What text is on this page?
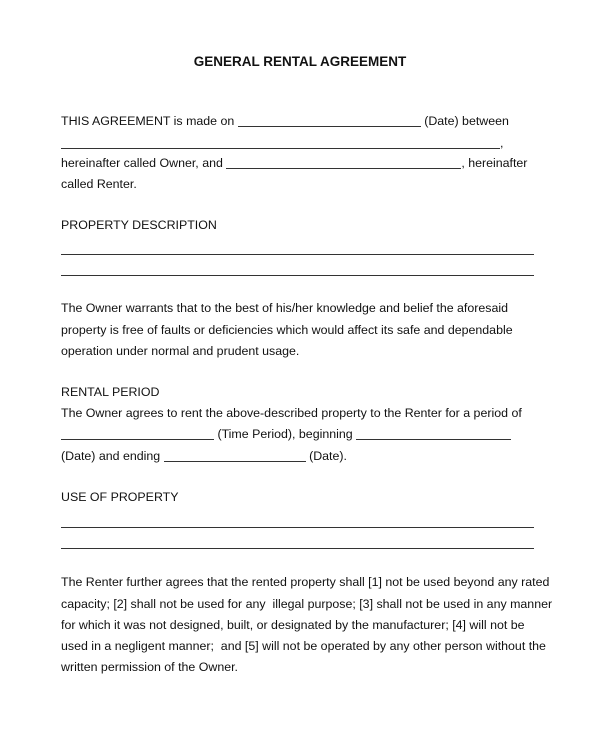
GENERAL RENTAL AGREEMENT
THIS AGREEMENT is made on	(Date) between
,
hereinafter called Owner, and	, hereinafter
called Renter.
PROPERTY DESCRIPTION
The Owner warrants that to the best of his/her knowledge and belief the aforesaid
property is free of faults or deficiencies which would affect its safe and dependable
operation under normal and prudent usage.
RENTAL PERIOD
The Owner agrees to rent the above-described property to the Renter for a period of
(Time Period), beginning
(Date) and ending	(Date).
USE OF PROPERTY
The Renter further agrees that the rented property shall [1] not be used beyond any rated
capacity; [2] shall not be used for any  illegal purpose; [3] shall not be used in any manner
for which it was not designed, built, or designated by the manufacturer; [4] will not be
used in a negligent manner;  and [5] will not be operated by any other person without the
written permission of the Owner.
